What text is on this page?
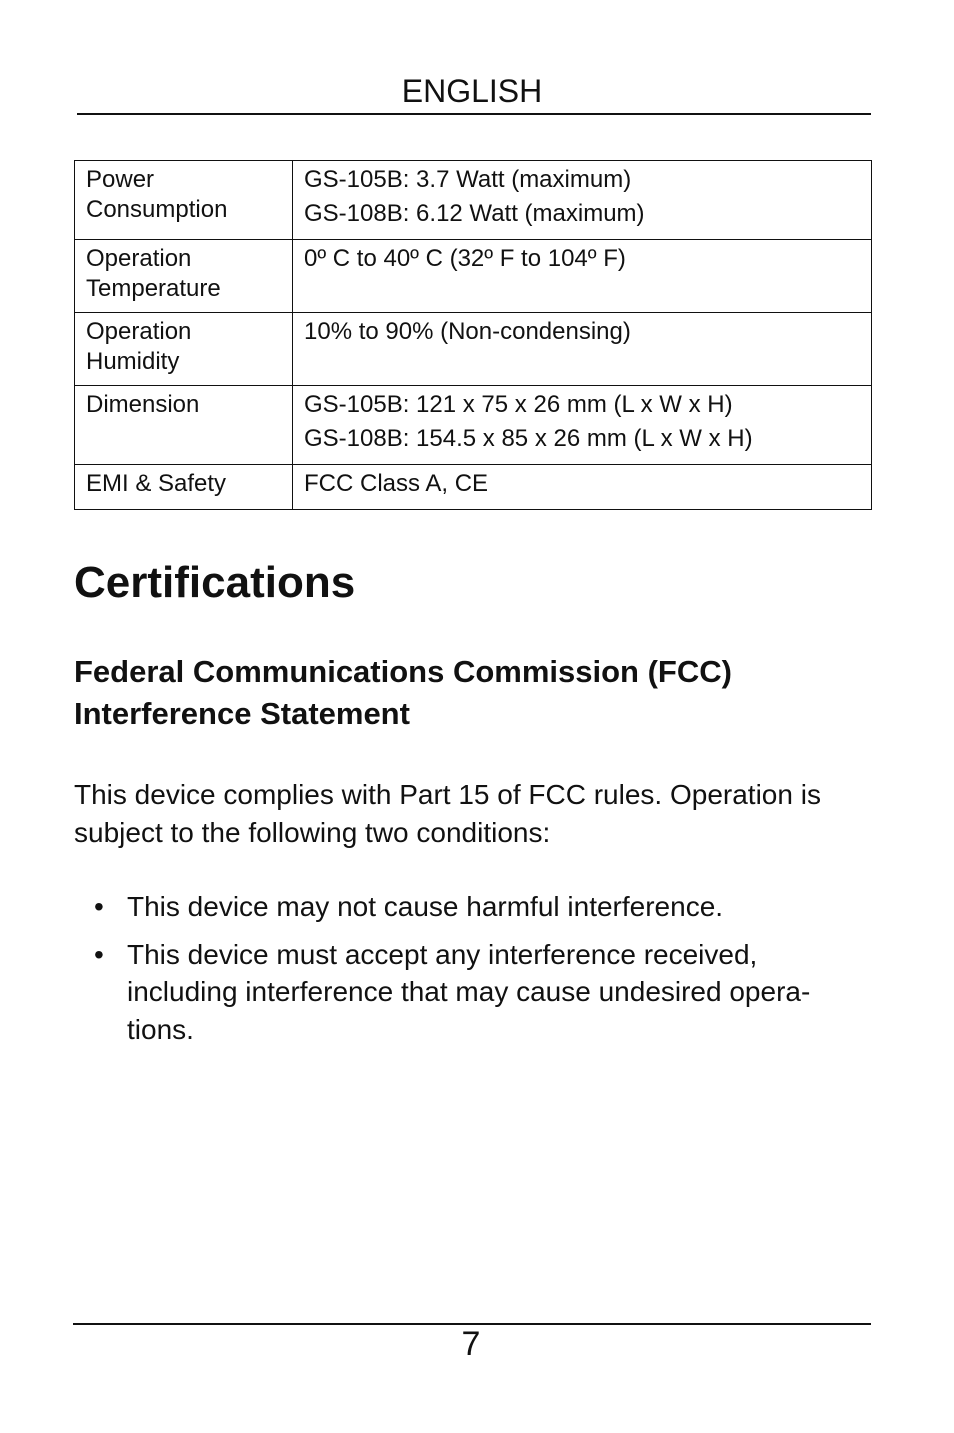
ENGLISH
Power Consumption	GS-105B: 3.7 Watt (maximum)
GS-108B: 6.12 Watt (maximum)

Operation Temperature	0º C to 40º C (32º F to 104º F)

Operation Humidity	10% to 90% (Non-condensing)

Dimension	GS-105B: 121 x 75 x 26 mm (L x W x H)
GS-108B: 154.5 x 85 x 26 mm (L x W x H)

EMI & Safety	FCC Class A, CE
Certifications
Federal Communications Commission (FCC) Interference Statement

This device complies with Part 15 of FCC rules. Operation is subject to the following two conditions:

• This device may not cause harmful interference.
• This device must accept any interference received, including interference that may cause undesired opera- tions.
7
